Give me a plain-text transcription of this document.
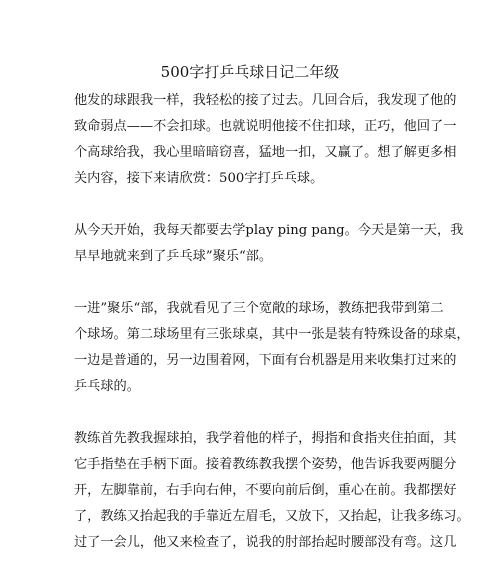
500字打乒乓球日记二年级

他发的球跟我一样，我轻松的接了过去。几回合后，我发现了他的

致命弱点——不会扣球。也就说明他接不住扣球，正巧，他回了一

个高球给我，我心里暗暗窃喜，猛地一扣，又赢了。想了解更多相

关内容，接下来请欣赏：500字打乒乓球。

从今天开始，我每天都要去学play ping pang。今天是第一天，我

早早地就来到了乒乓球”聚乐“部。

一进”聚乐“部，我就看见了三个宽敞的球场，教练把我带到第二

个球场。第二球场里有三张球桌，其中一张是装有特殊设备的球桌，

一边是普通的，另一边围着网，下面有台机器是用来收集打过来的

乒乓球的。

教练首先教我握球拍，我学着他的样子，拇指和食指夹住拍面，其

它手指垫在手柄下面。接着教练教我摆个姿势，他告诉我要两腿分

开，左脚靠前，右手向右伸，不要向前后倒，重心在前。我都摆好

了，教练又抬起我的手靠近左眉毛，又放下，又抬起，让我多练习。

过了一会儿，他又来检查了，说我的肘部抬起时腰部没有弯。这几
